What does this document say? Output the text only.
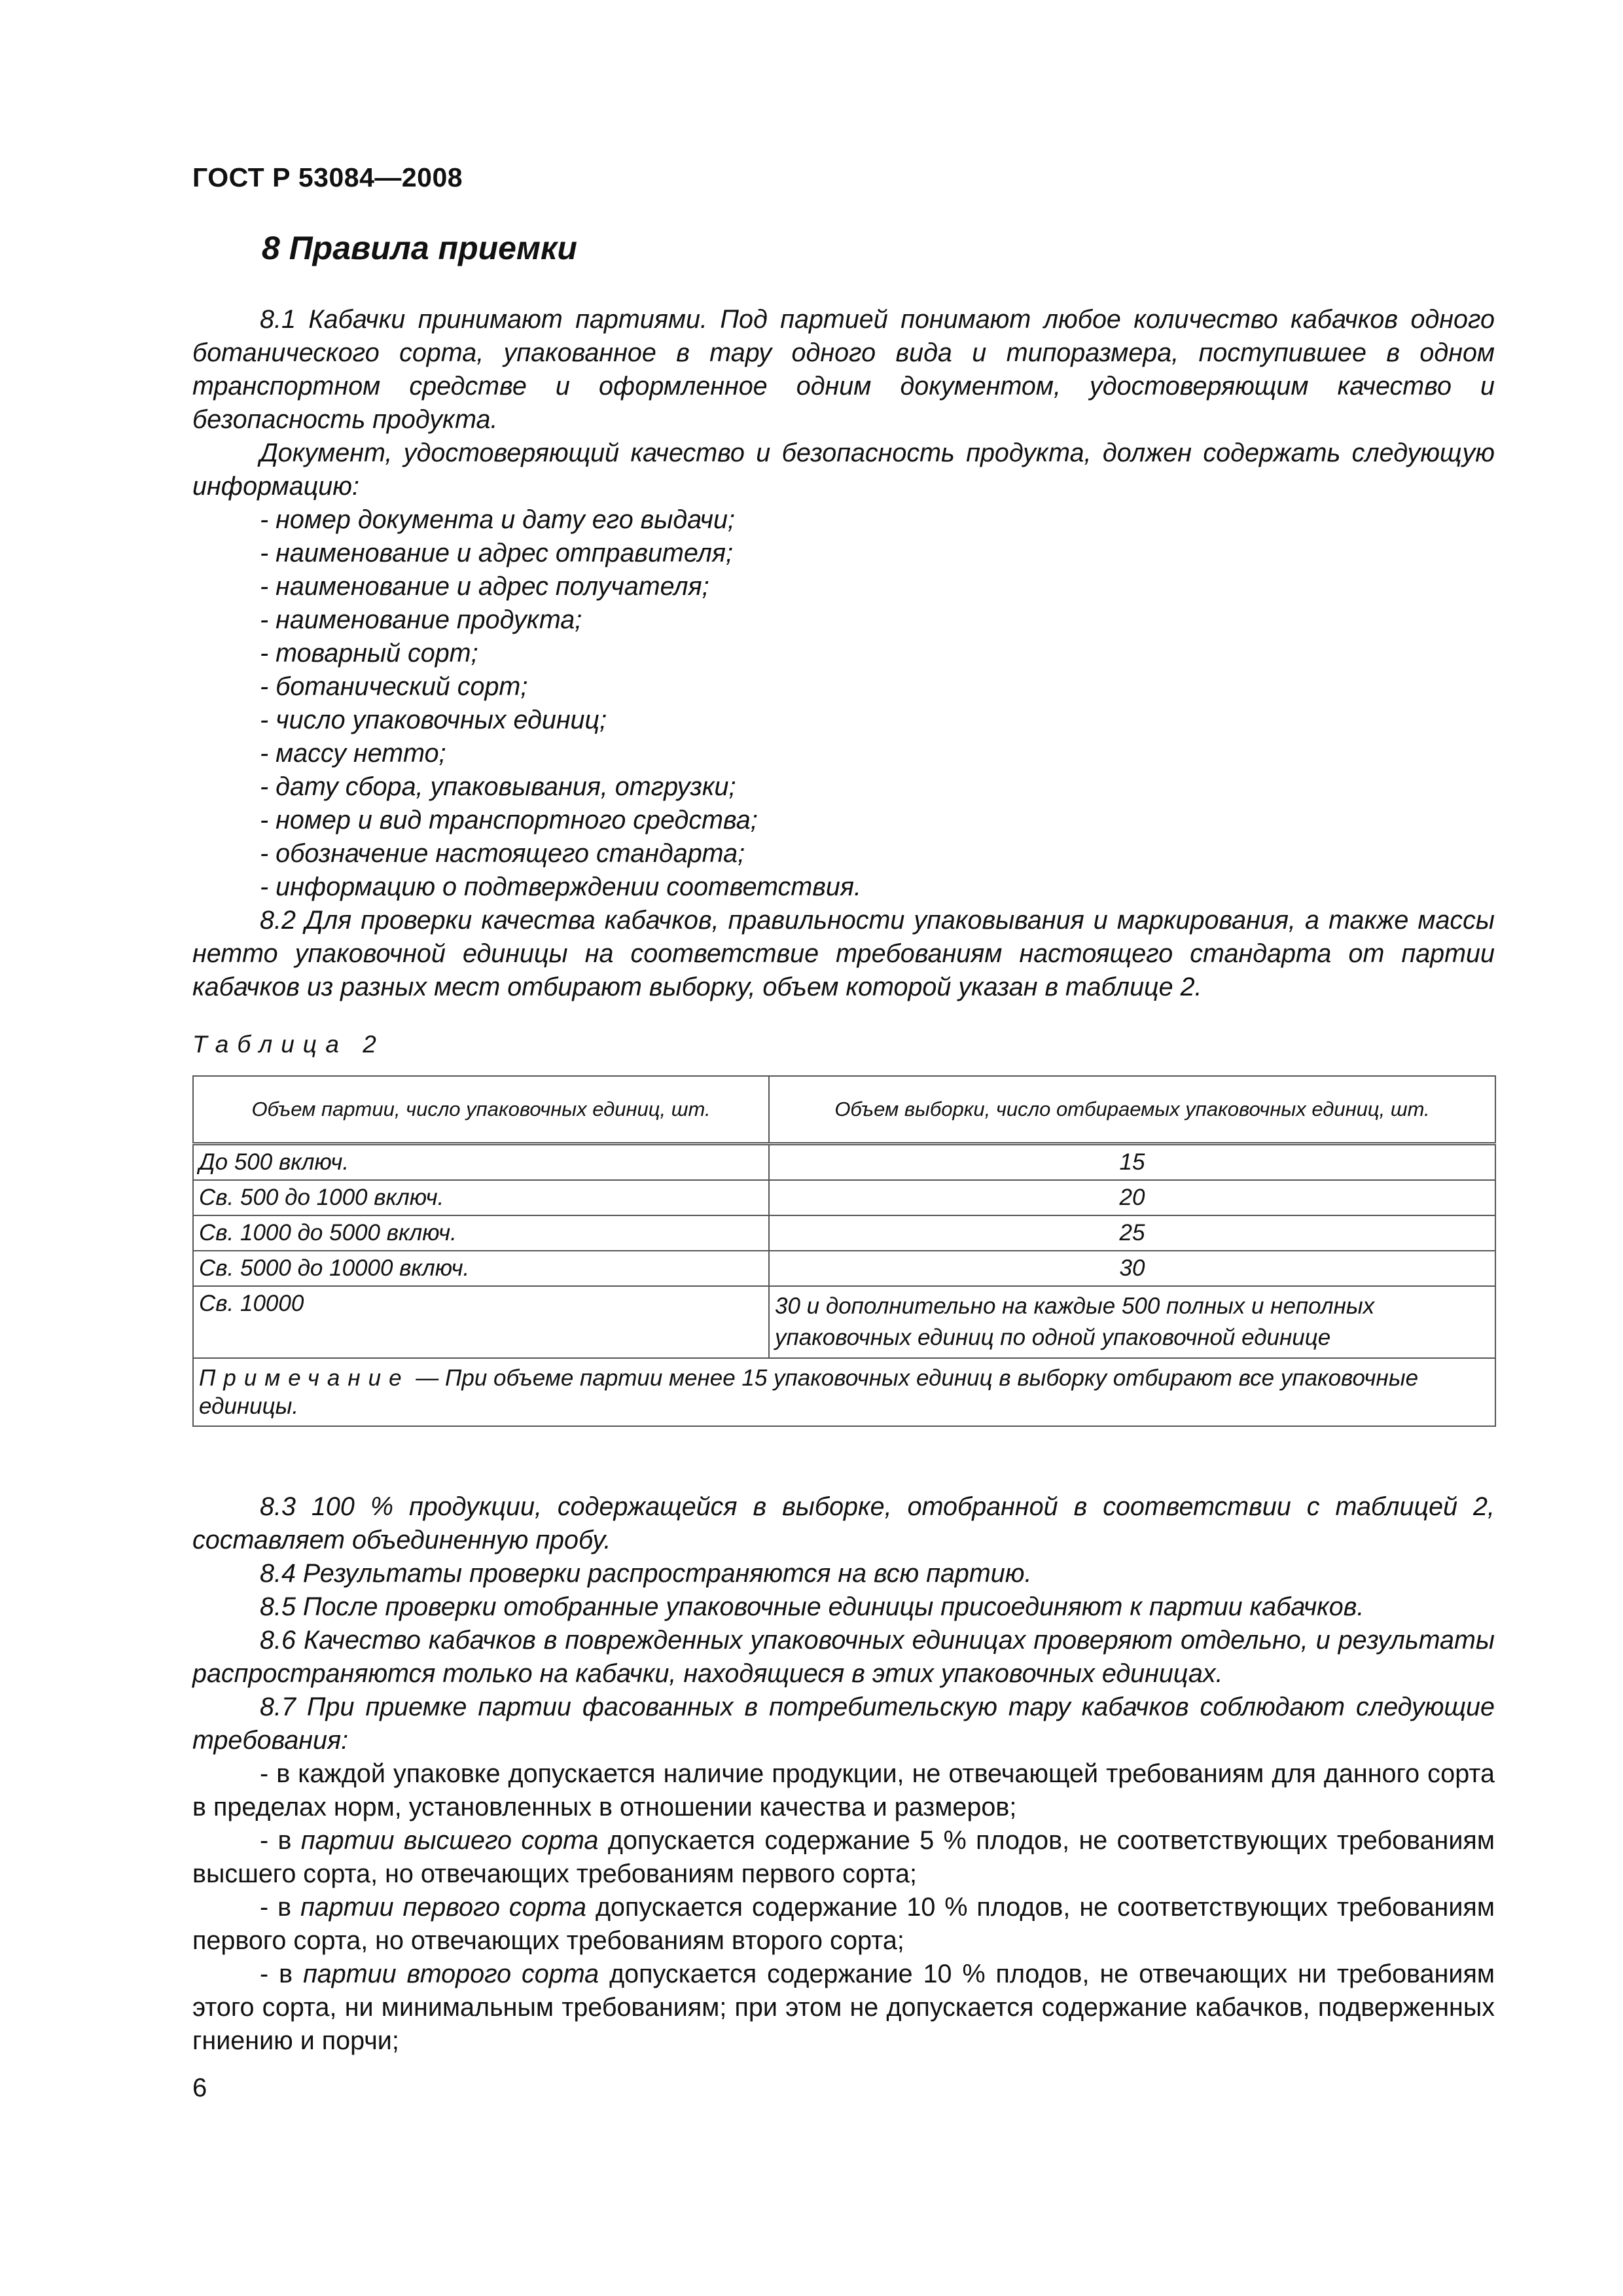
ГОСТ Р 53084—2008
8 Правила приемки

8.1 Кабачки принимают партиями. Под партией понимают любое количество кабачков одного ботанического сорта, упакованное в тару одного вида и типоразмера, поступившее в одном транспортном средстве и оформленное одним документом, удостоверяющим качество и безопасность продукта.

Документ, удостоверяющий качество и безопасность продукта, должен содержать следующую информацию:

- номер документа и дату его выдачи;

- наименование и адрес отправителя;

- наименование и адрес получателя;

- наименование продукта;

- товарный сорт;

- ботанический сорт;

- число упаковочных единиц;

- массу нетто;

- дату сбора, упаковывания, отгрузки;

- номер и вид транспортного средства;

- обозначение настоящего стандарта;

- информацию о подтверждении соответствия.

8.2 Для проверки качества кабачков, правильности упаковывания и маркирования, а также массы нетто упаковочной единицы на соответствие требованиям настоящего стандарта от партии кабачков из разных мест отбирают выборку, объем которой указан в таблице 2.

Таблица 2
Объем партии, число упаковочных единиц, шт.	Объем выборки, число отбираемых упаковочных единиц, шт.
До 500 включ.	15
Св. 500 до 1000 включ.	20
Св. 1000 до 5000 включ.	25
Св. 5000 до 10000 включ.	30
Св. 10000	30 и дополнительно на каждые 500 полных и неполных упаковочных единиц по одной упаковочной единице
Примечание — При объеме партии менее 15 упаковочных единиц в выборку отбирают все упаковочные единицы.	

8.3 100 % продукции, содержащейся в выборке, отобранной в соответствии с таблицей 2, составляет объединенную пробу.

8.4 Результаты проверки распространяются на всю партию.

8.5 После проверки отобранные упаковочные единицы присоединяют к партии кабачков.

8.6 Качество кабачков в поврежденных упаковочных единицах проверяют отдельно, и результаты распространяются только на кабачки, находящиеся в этих упаковочных единицах.

8.7 При приемке партии фасованных в потребительскую тару кабачков соблюдают следующие требования:

- в каждой упаковке допускается наличие продукции, не отвечающей требованиям для данного сорта в пределах норм, установленных в отношении качества и размеров;

- в партии высшего сорта допускается содержание 5 % плодов, не соответствующих требованиям высшего сорта, но отвечающих требованиям первого сорта;

- в партии первого сорта допускается содержание 10 % плодов, не соответствующих требованиям первого сорта, но отвечающих требованиям второго сорта;

- в партии второго сорта допускается содержание 10 % плодов, не отвечающих ни требованиям этого сорта, ни минимальным требованиям; при этом не допускается содержание кабачков, подверженных гниению и порчи;

6
